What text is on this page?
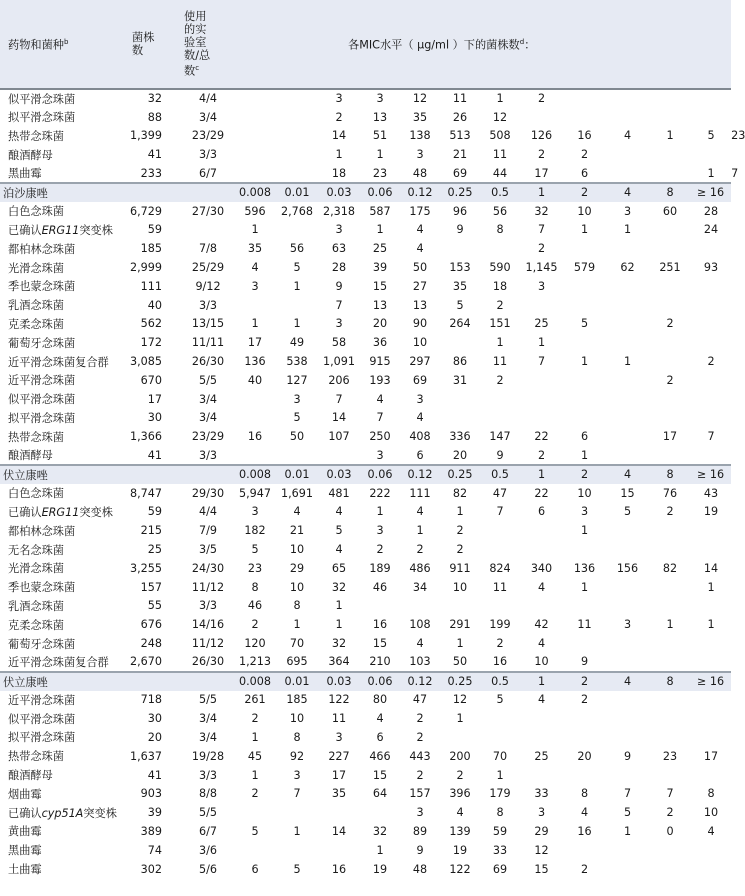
药物和菌种$^b$	菌株数	使用
的实
验室
数/总
数$^c$	各MIC水平（ μg/ml ）下的菌株数$^d$：												
似平滑念珠菌	32	4/4			3	3	12	11	1	2					
拟平滑念珠菌	88	3/4			2	13	35	26	12						
热带念珠菌	1,399	23/29			14	51	138	513	508	126	16	4	1	5	23
酿酒酵母	41	3/3			1	1	3	21	11	2	2				
黑曲霉	233	6/7			18	23	48	69	44	17	6			1	7
泊沙康唑			0.008	0.01	0.03	0.06	0.12	0.25	0.5	1	2	4	8	≥ 16	
白色念珠菌	6,729	27/30	596	2,768	2,318	587	175	96	56	32	10	3	60	28	
已确认ERG11突变株	59		1		3	1	4	9	8	7	1	1		24	
都柏林念珠菌	185	7/8	35	56	63	25	4			2					
光滑念珠菌	2,999	25/29	4	5	28	39	50	153	590	1,145	579	62	251	93	
季也蒙念珠菌	111	9/12	3	1	9	15	27	35	18	3					
乳酒念珠菌	40	3/3			7	13	13	5	2						
克柔念珠菌	562	13/15	1	1	3	20	90	264	151	25	5		2		
葡萄牙念珠菌	172	11/11	17	49	58	36	10		1	1					
近平滑念珠菌复合群	3,085	26/30	136	538	1,091	915	297	86	11	7	1	1		2	
近平滑念珠菌	670	5/5	40	127	206	193	69	31	2				2		
似平滑念珠菌	17	3/4		3	7	4	3								
拟平滑念珠菌	30	3/4		5	14	7	4								
热带念珠菌	1,366	23/29	16	50	107	250	408	336	147	22	6		17	7	
酿酒酵母	41	3/3				3	6	20	9	2	1				
伏立康唑			0.008	0.01	0.03	0.06	0.12	0.25	0.5	1	2	4	8	≥ 16	
白色念珠菌	8,747	29/30	5,947	1,691	481	222	111	82	47	22	10	15	76	43	
已确认ERG11突变株	59	4/4	3	4	4	1	4	1	7	6	3	5	2	19	
都柏林念珠菌	215	7/9	182	21	5	3	1	2			1				
无名念珠菌	25	3/5	5	10	4	2	2	2							
光滑念珠菌	3,255	24/30	23	29	65	189	486	911	824	340	136	156	82	14	
季也蒙念珠菌	157	11/12	8	10	32	46	34	10	11	4	1			1	
乳酒念珠菌	55	3/3	46	8	1										
克柔念珠菌	676	14/16	2	1	1	16	108	291	199	42	11	3	1	1	
葡萄牙念珠菌	248	11/12	120	70	32	15	4	1	2	4					
近平滑念珠菌复合群	2,670	26/30	1,213	695	364	210	103	50	16	10	9				
伏立康唑			0.008	0.01	0.03	0.06	0.12	0.25	0.5	1	2	4	8	≥ 16	
近平滑念珠菌	718	5/5	261	185	122	80	47	12	5	4	2				
似平滑念珠菌	30	3/4	2	10	11	4	2	1							
拟平滑念珠菌	20	3/4	1	8	3	6	2								
热带念珠菌	1,637	19/28	45	92	227	466	443	200	70	25	20	9	23	17	
酿酒酵母	41	3/3	1	3	17	15	2	2	1						
烟曲霉	903	8/8	2	7	35	64	157	396	179	33	8	7	7	8	
已确认cyp51A突变株	39	5/5					3	4	8	3	4	5	2	10	
黄曲霉	389	6/7	5	1	14	32	89	139	59	29	16	1	0	4	
黑曲霉	74	3/6				1	9	19	33	12					
土曲霉	302	5/6	6	5	16	19	48	122	69	15	2				
